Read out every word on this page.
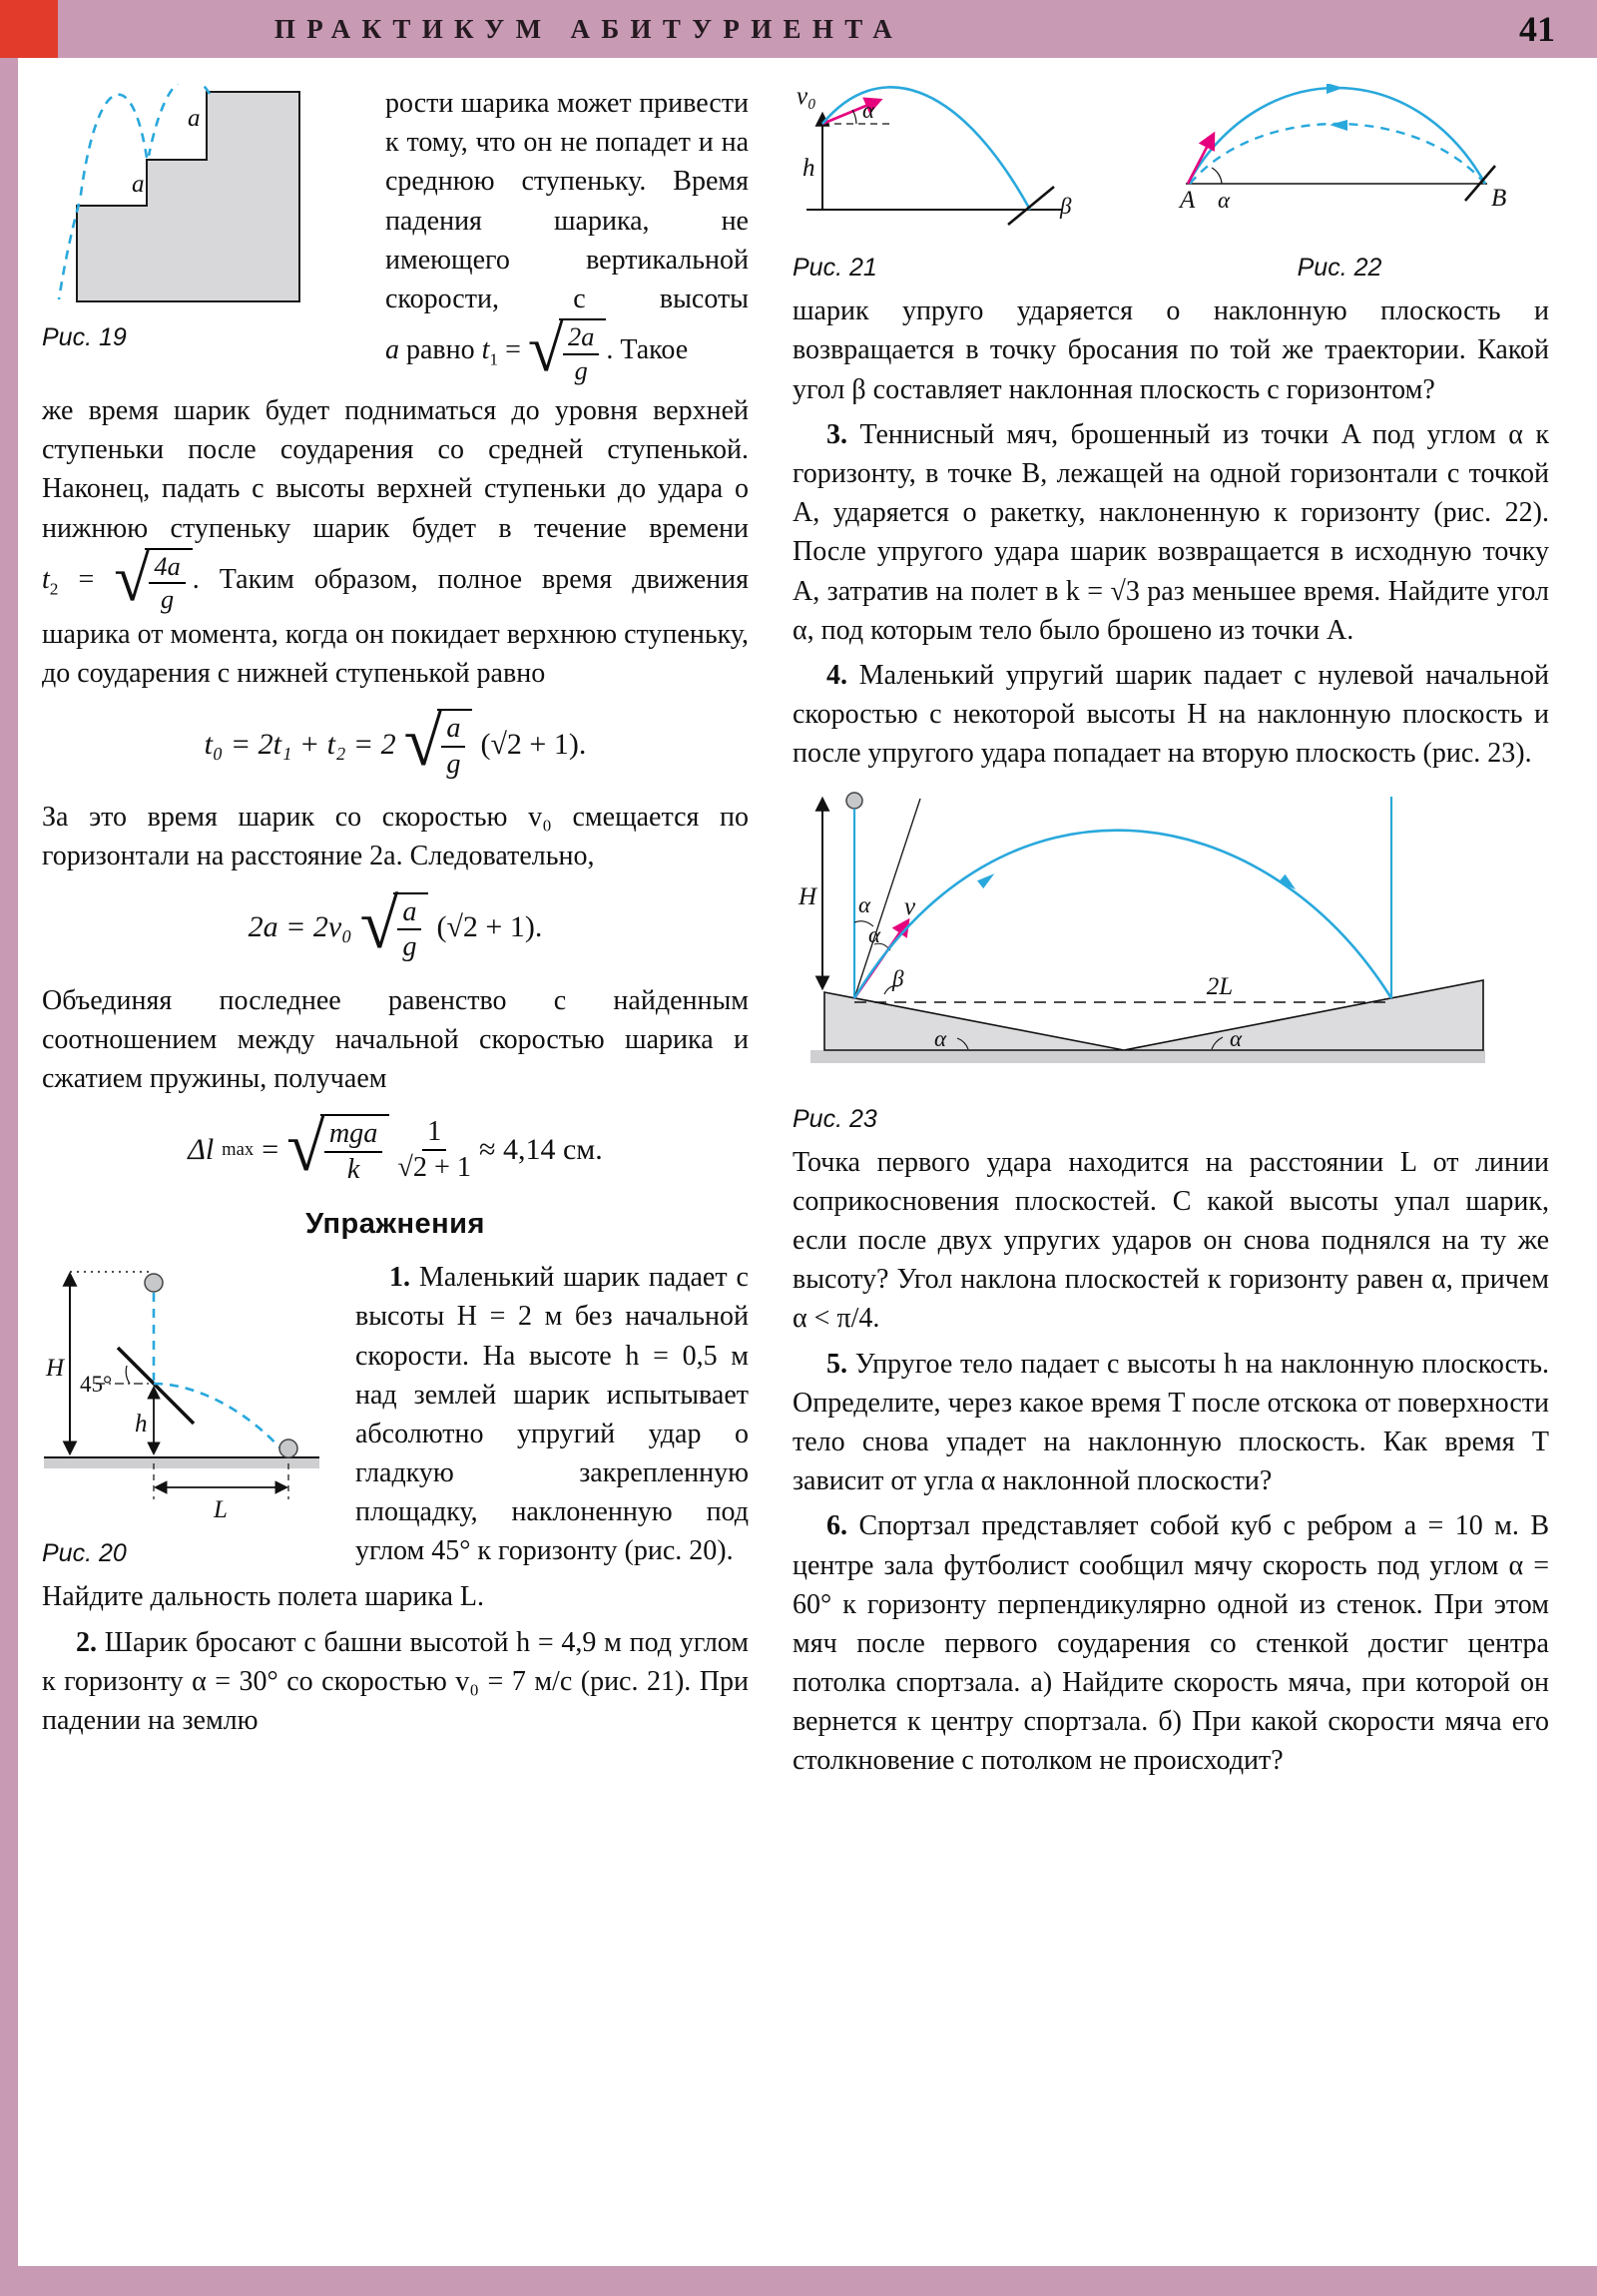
ПРАКТИКУМ АБИТУРИЕНТА	41
a
a
Рис. 19

рости шарика может привести к тому, что он не попадет и на среднюю ступеньку. Время падения шарика, не имеющего вертикальной скорости, с высоты a равно $t_1$ = √ $\frac{2a}{g}$ . Такое

же время шарик будет подниматься до уровня верхней ступеньки после соударения со средней ступенькой. Наконец, падать с высоты верхней ступеньки до удара о нижнюю ступеньку шарик будет в течение времени $t_2$ = √ $\frac{4a}{g}$ . Таким образом, полное время движения шарика от момента, когда он покидает верхнюю ступеньку, до соударения с нижней ступенькой равно

t₀ = 2t₁ + t₂ = 2 √ $\frac{a}{g} (√2 + 1)$.

За это время шарик со скоростью v₀ смещается по горизонтали на расстояние 2a. Следовательно,

2a = 2v₀ √ $\frac{a}{g} (√2 + 1)$.

Объединяя последнее равенство с найденным соотношением между начальной скоростью шарика и сжатием пружины, получаем

Δl max = √ $\frac{\text{mga}}{k} \frac{1}{√2 + 1} \approx 4,14$ см.
Упражнения
H
45°
h
L
Рис. 20

1. Маленький шарик падает с высоты H = 2 м без начальной скорости. На высоте h = 0,5 м над землей шарик испытывает абсолютно упругий удар о гладкую закрепленную площадку, наклоненную под углом 45° к горизонту (рис. 20).

Найдите дальность полета шарика L.

2. Шарик бросают с башни высотой h = 4,9 м под углом к горизонту α = 30° со скоростью v₀ = 7 м/с (рис. 21). При падении на землю

v₀
α
h
β
Рис. 21
A α	B
Рис. 22

шарик упруго ударяется о наклонную плоскость и возвращается в точку бросания по той же траектории. Какой угол β составляет наклонная плоскость с горизонтом?

3. Теннисный мяч, брошенный из точки A под углом α к горизонту, в точке B, лежащей на одной горизонтали с точкой A, ударяется о ракетку, наклоненную к горизонту (рис. 22). После упругого удара шарик возвращается в исходную точку A, затратив на полет в k = √3 раз меньшее время. Найдите угол α, под которым тело было брошено из точки A.

4. Маленький упругий шарик падает с нулевой начальной скоростью с некоторой высоты H на наклонную плоскость и после упругого удара попадает на вторую плоскость (рис. 23).

H α
α
v
β	2L
α	α
Рис. 23

Точка первого удара находится на расстоянии L от линии соприкосновения плоскостей. С какой высоты упал шарик, если после двух упругих ударов он снова поднялся на ту же высоту? Угол наклона плоскостей к горизонту равен α, причем α < π/4.

5. Упругое тело падает с высоты h на наклонную плоскость. Определите, через какое время T после отскока от поверхности тело снова упадет на наклонную плоскость. Как время T зависит от угла α наклонной плоскости?

6. Спортзал представляет собой куб с ребром a = 10 м. В центре зала футболист сообщил мячу скорость под углом α = 60° к горизонту перпендикулярно одной из стенок. При этом мяч после первого соударения со стенкой достиг центра потолка спортзала. а) Найдите скорость мяча, при которой он вернется к центру спортзала. б) При какой скорости мяча его столкновение с потолком не происходит?
